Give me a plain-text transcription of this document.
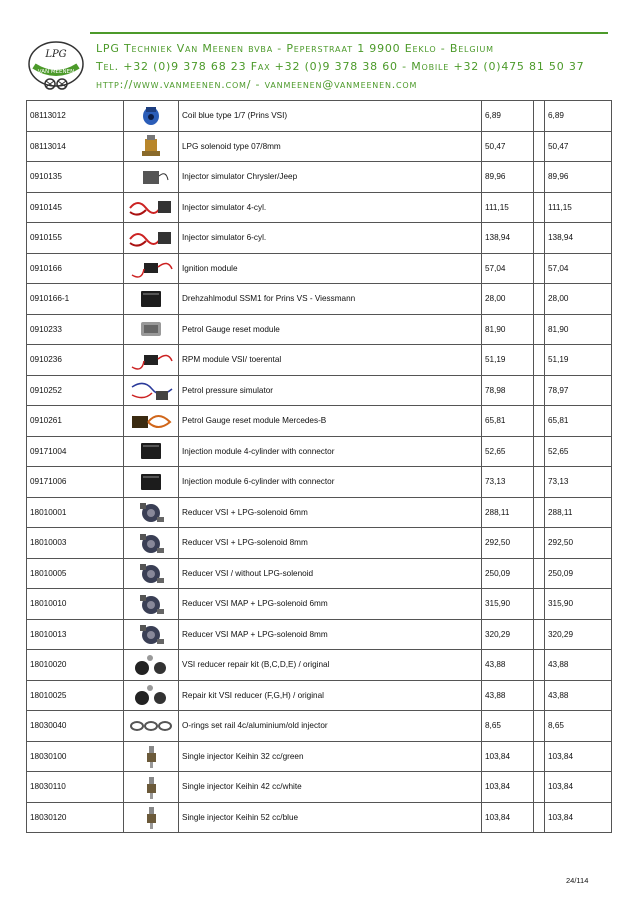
LPG
VAN MEENEN
LPG Techniek Van Meenen bvba - Peperstraat 1 9900 Eeklo - Belgium
Tel. +32 (0)9 378 68 23 Fax +32 (0)9 378 38 60 - Mobile +32 (0)475 81 50 37
http://www.vanmeenen.com/ - vanmeenen@vanmeenen.com
08113012		Coil blue type 1/7 (Prins VSI)	6,89		6,89
08113014		LPG solenoid type 07/8mm	50,47		50,47
0910135		Injector simulator Chrysler/Jeep	89,96		89,96
0910145		Injector simulator 4-cyl.	111,15		111,15
0910155		Injector simulator 6-cyl.	138,94		138,94
0910166		Ignition module	57,04		57,04
0910166-1		Drehzahlmodul SSM1 for Prins VS - Viessmann	28,00		28,00
0910233		Petrol Gauge reset module	81,90		81,90
0910236		RPM module VSI/ toerental	51,19		51,19
0910252		Petrol pressure simulator	78,98		78,97
0910261		Petrol Gauge reset module Mercedes-B	65,81		65,81
09171004		Injection module 4-cylinder with connector	52,65		52,65
09171006		Injection module 6-cylinder with connector	73,13		73,13
18010001		Reducer VSI + LPG-solenoid 6mm	288,11		288,11
18010003		Reducer VSI + LPG-solenoid 8mm	292,50		292,50
18010005		Reducer VSI / without LPG-solenoid	250,09		250,09
18010010		Reducer VSI MAP + LPG-solenoid 6mm	315,90		315,90
18010013		Reducer VSI MAP + LPG-solenoid 8mm	320,29		320,29
18010020		VSI reducer repair kit (B,C,D,E) / original	43,88		43,88
18010025		Repair kit VSI reducer (F,G,H) / original	43,88		43,88
18030040		O-rings set rail 4c/aluminium/old injector	8,65		8,65
18030100		Single injector Keihin 32 cc/green	103,84		103,84
18030110		Single injector Keihin 42 cc/white	103,84		103,84
18030120		Single injector Keihin 52 cc/blue	103,84		103,84
24/114
